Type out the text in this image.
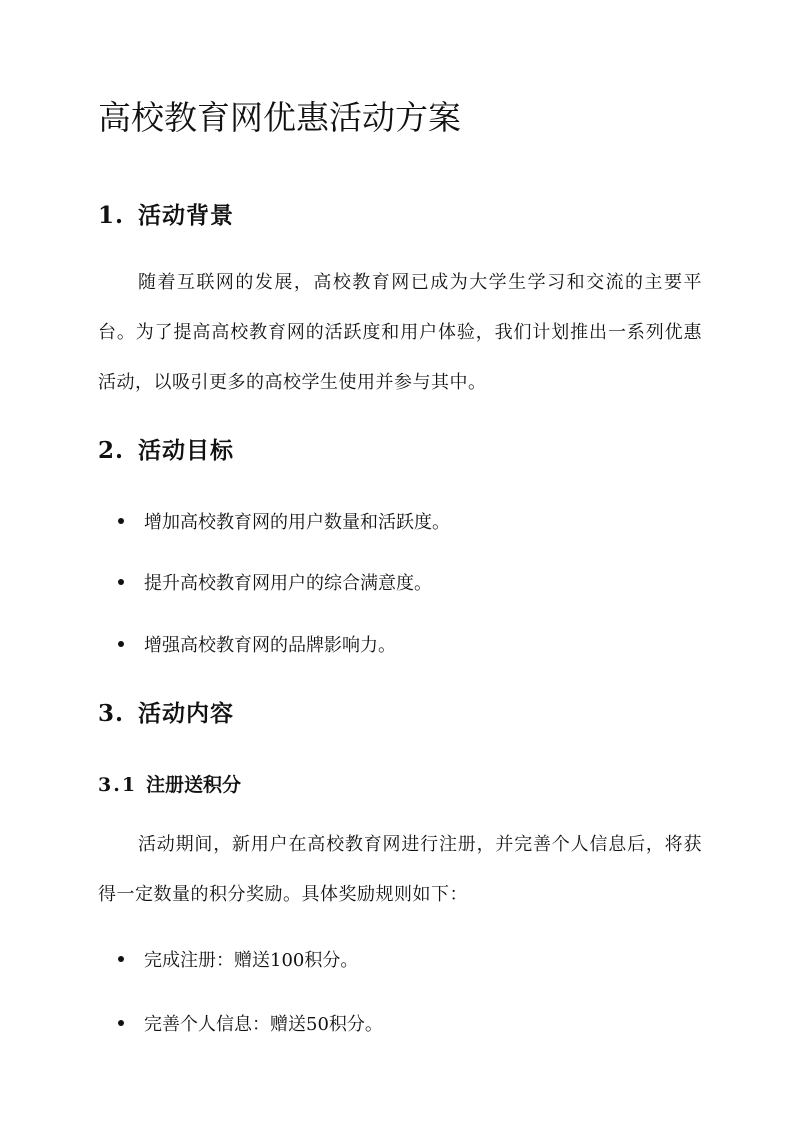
高校教育网优惠活动方案
1. 活动背景

随着互联网的发展，高校教育网已成为大学生学习和交流的主要平台。为了提高高校教育网的活跃度和用户体验，我们计划推出一系列优惠活动，以吸引更多的高校学生使用并参与其中。

2. 活动目标
增加高校教育网的用户数量和活跃度。
提升高校教育网用户的综合满意度。
增强高校教育网的品牌影响力。
3. 活动内容
3.1 注册送积分

活动期间，新用户在高校教育网进行注册，并完善个人信息后，将获得一定数量的积分奖励。具体奖励规则如下：

完成注册：赠送100积分。
完善个人信息：赠送50积分。
